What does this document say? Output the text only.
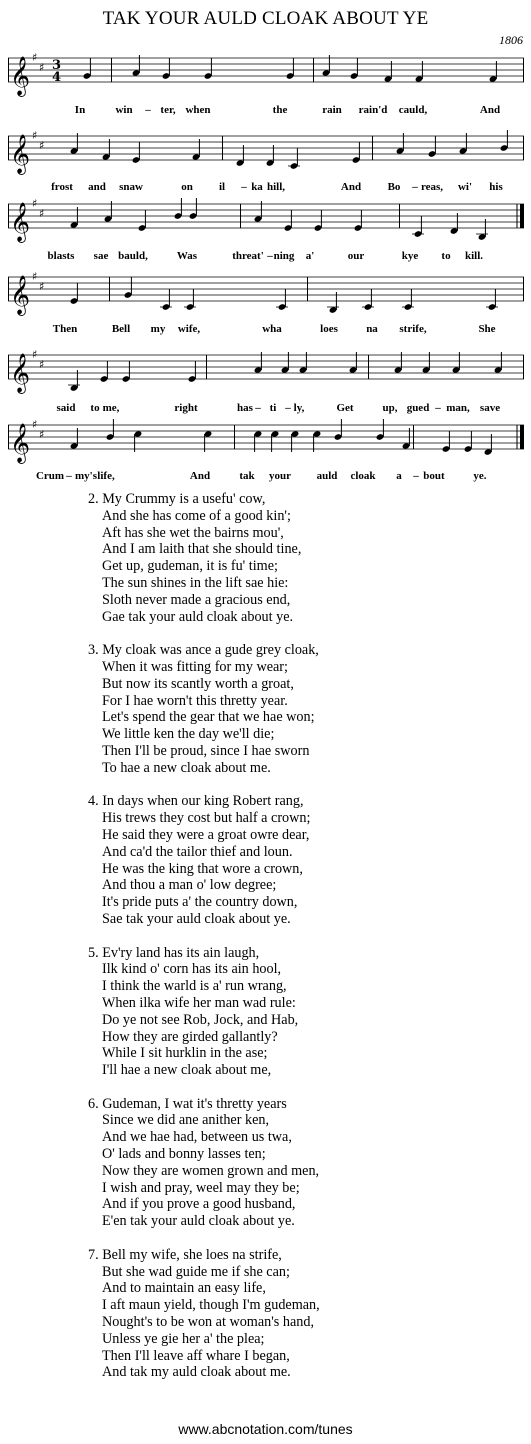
TAK YOUR AULD CLOAK ABOUT YE
1806
𝄞 ♯
♯ 3
4
In	win – ter, when	the	rain rain'd cauld,	And
𝄞 ♯
♯
frost and snaw	on il – ka hill,	And Bo – reas, wi' his
𝄞 ♯
♯
blasts sae bauld,	Was	threat' – ning a'	our	kye to kill.
𝄞 ♯
♯
Then	Bell my wife,	wha	loes	na strife,	She
𝄞 ♯
♯
said to me,	right	has – ti – ly,	Get	up, gued – man, save
𝄞 ♯
♯
Crum – my's life,	And	tak your auld cloak a – bout	ye.
2. My Crummy is a usefu' cow,
And she has come of a good kin';
Aft has she wet the bairns mou',
And I am laith that she should tine,
Get up, gudeman, it is fu' time;
The sun shines in the lift sae hie:
Sloth never made a gracious end,
Gae tak your auld cloak about ye.
3. My cloak was ance a gude grey cloak,
When it was fitting for my wear;
But now its scantly worth a groat,
For I hae worn't this thretty year.
Let's spend the gear that we hae won;
We little ken the day we'll die;
Then I'll be proud, since I hae sworn
To hae a new cloak about me.
4. In days when our king Robert rang,
His trews they cost but half a crown;
He said they were a groat owre dear,
And ca'd the tailor thief and loun.
He was the king that wore a crown,
And thou a man o' low degree;
It's pride puts a' the country down,
Sae tak your auld cloak about ye.
5. Ev'ry land has its ain laugh,
Ilk kind o' corn has its ain hool,
I think the warld is a' run wrang,
When ilka wife her man wad rule:
Do ye not see Rob, Jock, and Hab,
How they are girded gallantly?
While I sit hurklin in the ase;
I'll hae a new cloak about me,
6. Gudeman, I wat it's thretty years
Since we did ane anither ken,
And we hae had, between us twa,
O' lads and bonny lasses ten;
Now they are women grown and men,
I wish and pray, weel may they be;
And if you prove a good husband,
E'en tak your auld cloak about ye.
7. Bell my wife, she loes na strife,
But she wad guide me if she can;
And to maintain an easy life,
I aft maun yield, though I'm gudeman,
Nought's to be won at woman's hand,
Unless ye gie her a' the plea;
Then I'll leave aff whare I began,
And tak my auld cloak about me.
www.abcnotation.com/tunes
